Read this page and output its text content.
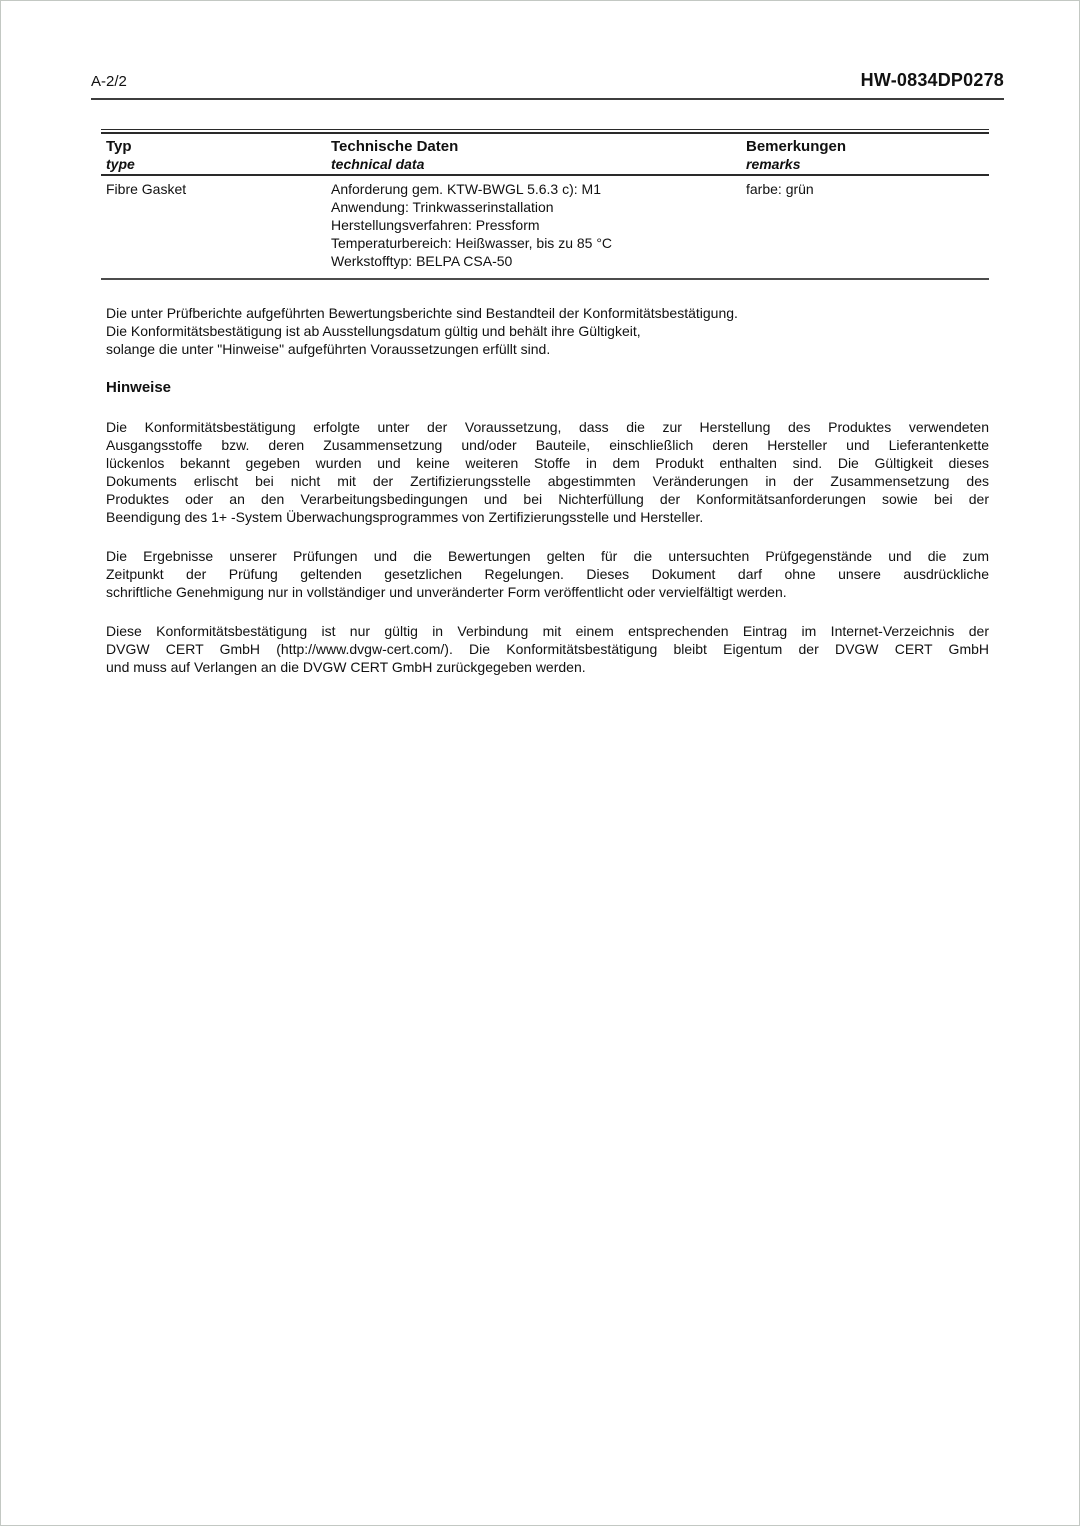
A-2/2	HW-0834DP0278
Typ
type
Technische Daten
technical data
Bemerkungen
remarks
Fibre Gasket	Anforderung gem. KTW-BWGL 5.6.3 c): M1
Anwendung: Trinkwasserinstallation
Herstellungsverfahren: Pressform
Temperaturbereich: Heißwasser, bis zu 85 °C
Werkstofftyp: BELPA CSA-50
farbe: grün
Die unter Prüfberichte aufgeführten Bewertungsberichte sind Bestandteil der Konformitätsbestätigung.
Die Konformitätsbestätigung ist ab Ausstellungsdatum gültig und behält ihre Gültigkeit,
solange die unter "Hinweise" aufgeführten Voraussetzungen erfüllt sind.
Hinweise
Die Konformitätsbestätigung erfolgte unter der Voraussetzung, dass die zur Herstellung des Produktes verwendeten
Ausgangsstoffe bzw. deren Zusammensetzung und/oder Bauteile, einschließlich deren Hersteller und Lieferantenkette
lückenlos bekannt gegeben wurden und keine weiteren Stoffe in dem Produkt enthalten sind. Die Gültigkeit dieses
Dokuments erlischt bei nicht mit der Zertifizierungsstelle abgestimmten Veränderungen in der Zusammensetzung des
Produktes oder an den Verarbeitungsbedingungen und bei Nichterfüllung der Konformitätsanforderungen sowie bei der
Beendigung des 1+ -System Überwachungsprogrammes von Zertifizierungsstelle und Hersteller.
Die Ergebnisse unserer Prüfungen und die Bewertungen gelten für die untersuchten Prüfgegenstände und die zum
Zeitpunkt der Prüfung geltenden gesetzlichen Regelungen. Dieses Dokument darf ohne unsere ausdrückliche
schriftliche Genehmigung nur in vollständiger und unveränderter Form veröffentlicht oder vervielfältigt werden.
Diese Konformitätsbestätigung ist nur gültig in Verbindung mit einem entsprechenden Eintrag im Internet-Verzeichnis der
DVGW CERT GmbH (http://www.dvgw-cert.com/). Die Konformitätsbestätigung bleibt Eigentum der DVGW CERT GmbH
und muss auf Verlangen an die DVGW CERT GmbH zurückgegeben werden.
